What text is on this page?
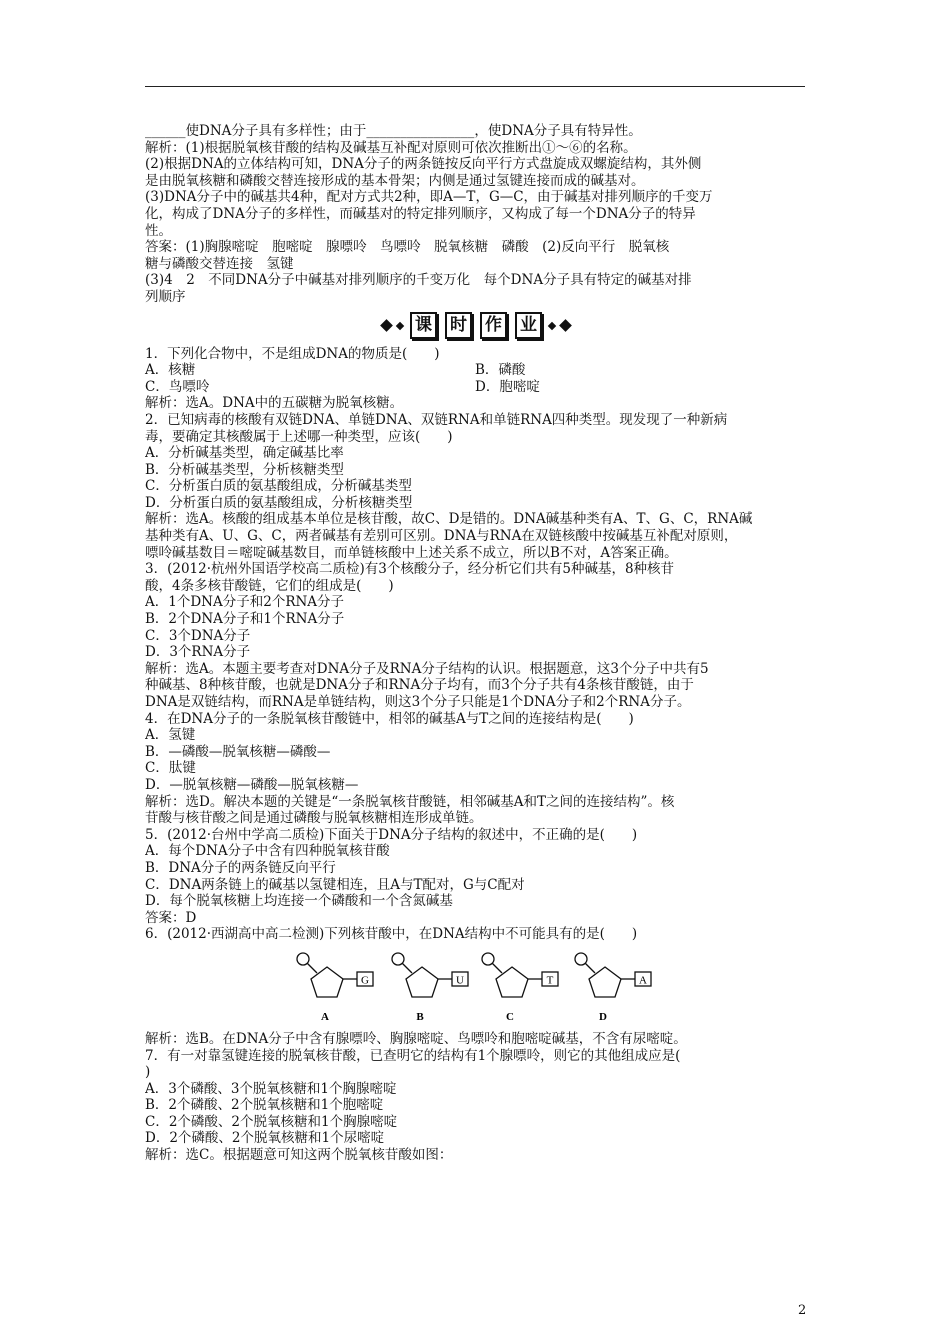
______使DNA分子具有多样性；由于________________，使DNA分子具有特异性。
解析：(1)根据脱氧核苷酸的结构及碱基互补配对原则可依次推断出①～⑥的名称。
(2)根据DNA的立体结构可知，DNA分子的两条链按反向平行方式盘旋成双螺旋结构，其外侧
是由脱氧核糖和磷酸交替连接形成的基本骨架；内侧是通过氢键连接而成的碱基对。
(3)DNA分子中的碱基共4种，配对方式共2种，即A—T，G—C，由于碱基对排列顺序的千变万
化，构成了DNA分子的多样性，而碱基对的特定排列顺序，又构成了每一个DNA分子的特异
性。
答案：(1)胸腺嘧啶　胞嘧啶　腺嘌呤　鸟嘌呤　脱氧核糖　磷酸　(2)反向平行　脱氧核
糖与磷酸交替连接　氢键
(3)4　2　不同DNA分子中碱基对排列顺序的千变万化　每个DNA分子具有特定的碱基对排
列顺序
课 时 作 业
1．下列化合物中，不是组成DNA的物质是(　　)
A．核糖	B．磷酸
C．鸟嘌呤	D．胞嘧啶
解析：选A。DNA中的五碳糖为脱氧核糖。
2．已知病毒的核酸有双链DNA、单链DNA、双链RNA和单链RNA四种类型。现发现了一种新病
毒，要确定其核酸属于上述哪一种类型，应该(　　)
A．分析碱基类型，确定碱基比率
B．分析碱基类型，分析核糖类型
C．分析蛋白质的氨基酸组成，分析碱基类型
D．分析蛋白质的氨基酸组成，分析核糖类型
解析：选A。核酸的组成基本单位是核苷酸，故C、D是错的。DNA碱基种类有A、T、G、C，RNA碱
基种类有A、U、G、C，两者碱基有差别可区别。DNA与RNA在双链核酸中按碱基互补配对原则，
嘌呤碱基数目＝嘧啶碱基数目，而单链核酸中上述关系不成立，所以B不对，A答案正确。
3．(2012·杭州外国语学校高二质检)有3个核酸分子，经分析它们共有5种碱基，8种核苷
酸，4条多核苷酸链，它们的组成是(　　)
A．1个DNA分子和2个RNA分子
B．2个DNA分子和1个RNA分子
C．3个DNA分子
D．3个RNA分子
解析：选A。本题主要考查对DNA分子及RNA分子结构的认识。根据题意，这3个分子中共有5
种碱基、8种核苷酸，也就是DNA分子和RNA分子均有，而3个分子共有4条核苷酸链，由于
DNA是双链结构，而RNA是单链结构，则这3个分子只能是1个DNA分子和2个RNA分子。
4．在DNA分子的一条脱氧核苷酸链中，相邻的碱基A与T之间的连接结构是(　　)
A．氢键
B．—磷酸—脱氧核糖—磷酸—
C．肽键
D．—脱氧核糖—磷酸—脱氧核糖—
解析：选D。解决本题的关键是“一条脱氧核苷酸链，相邻碱基A和T之间的连接结构”。核
苷酸与核苷酸之间是通过磷酸与脱氧核糖相连形成单链。
5．(2012·台州中学高二质检)下面关于DNA分子结构的叙述中，不正确的是(　　)
A．每个DNA分子中含有四种脱氧核苷酸
B．DNA分子的两条链反向平行
C．DNA两条链上的碱基以氢键相连，且A与T配对，G与C配对
D．每个脱氧核糖上均连接一个磷酸和一个含氮碱基
答案：D
6．(2012·西湖高中高二检测)下列核苷酸中，在DNA结构中不可能具有的是(　　)
G
A
U
B
T
C
A
D
解析：选B。在DNA分子中含有腺嘌呤、胸腺嘧啶、鸟嘌呤和胞嘧啶碱基，不含有尿嘧啶。
7．有一对靠氢键连接的脱氧核苷酸，已查明它的结构有1个腺嘌呤，则它的其他组成应是(
)
A．3个磷酸、3个脱氧核糖和1个胸腺嘧啶
B．2个磷酸、2个脱氧核糖和1个胞嘧啶
C．2个磷酸、2个脱氧核糖和1个胸腺嘧啶
D．2个磷酸、2个脱氧核糖和1个尿嘧啶
解析：选C。根据题意可知这两个脱氧核苷酸如图：
2
